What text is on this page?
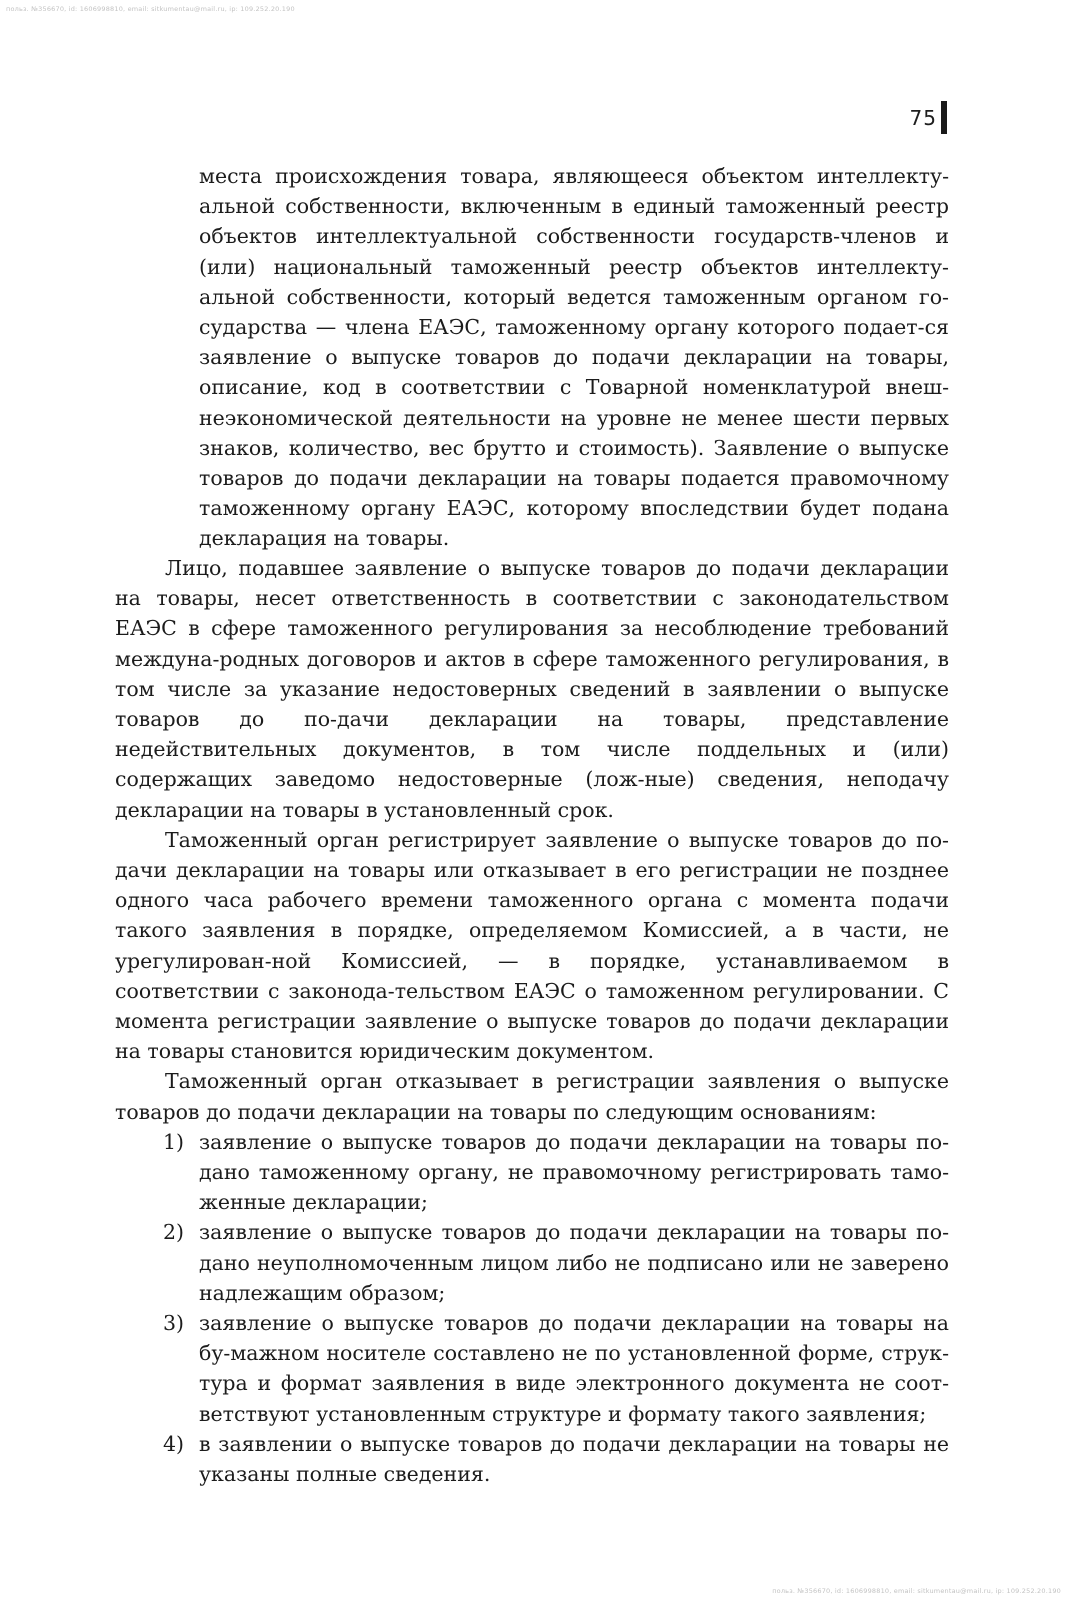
польз. №356670, id: 1606998810, email: sitkumentau@mail.ru, ip: 109.252.20.190
75

места происхождения товара, являющееся объектом интеллекту-альной собственности, включенным в единый таможенный реестр объектов интеллектуальной собственности государств-членов и (или) национальный таможенный реестр объектов интеллекту-альной собственности, который ведется таможенным органом го-сударства — члена ЕАЭС, таможенному органу которого подает-ся заявление о выпуске товаров до подачи декларации на товары, описание, код в соответствии с Товарной номенклатурой внеш-неэкономической деятельности на уровне не менее шести первых знаков, количество, вес брутто и стоимость). Заявление о выпуске товаров до подачи декларации на товары подается правомочному таможенному органу ЕАЭС, которому впоследствии будет подана декларация на товары.

Лицо, подавшее заявление о выпуске товаров до подачи декларации на товары, несет ответственность в соответствии с законодательством ЕАЭС в сфере таможенного регулирования за несоблюдение требований междуна-родных договоров и актов в сфере таможенного регулирования, в том числе за указание недостоверных сведений в заявлении о выпуске товаров до по-дачи декларации на товары, представление недействительных документов, в том числе поддельных и (или) содержащих заведомо недостоверные (лож-ные) сведения, неподачу декларации на товары в установленный срок.

Таможенный орган регистрирует заявление о выпуске товаров до по-дачи декларации на товары или отказывает в его регистрации не позднее одного часа рабочего времени таможенного органа с момента подачи такого заявления в порядке, определяемом Комиссией, а в части, не урегулирован-ной Комиссией, — в порядке, устанавливаемом в соответствии с законода-тельством ЕАЭС о таможенном регулировании. С момента регистрации заявление о выпуске товаров до подачи декларации на товары становится юридическим документом.

Таможенный орган отказывает в регистрации заявления о выпуске товаров до подачи декларации на товары по следующим основаниям:

1) заявление о выпуске товаров до подачи декларации на товары по-дано таможенному органу, не правомочному регистрировать тамо-женные декларации;
2) заявление о выпуске товаров до подачи декларации на товары по-дано неуполномоченным лицом либо не подписано или не заверено надлежащим образом;
3) заявление о выпуске товаров до подачи декларации на товары на бу-мажном носителе составлено не по установленной форме, струк-тура и формат заявления в виде электронного документа не соот-ветствуют установленным структуре и формату такого заявления;
4) в заявлении о выпуске товаров до подачи декларации на товары не указаны полные сведения.
польз. №356670, id: 1606998810, email: sitkumentau@mail.ru, ip: 109.252.20.190
